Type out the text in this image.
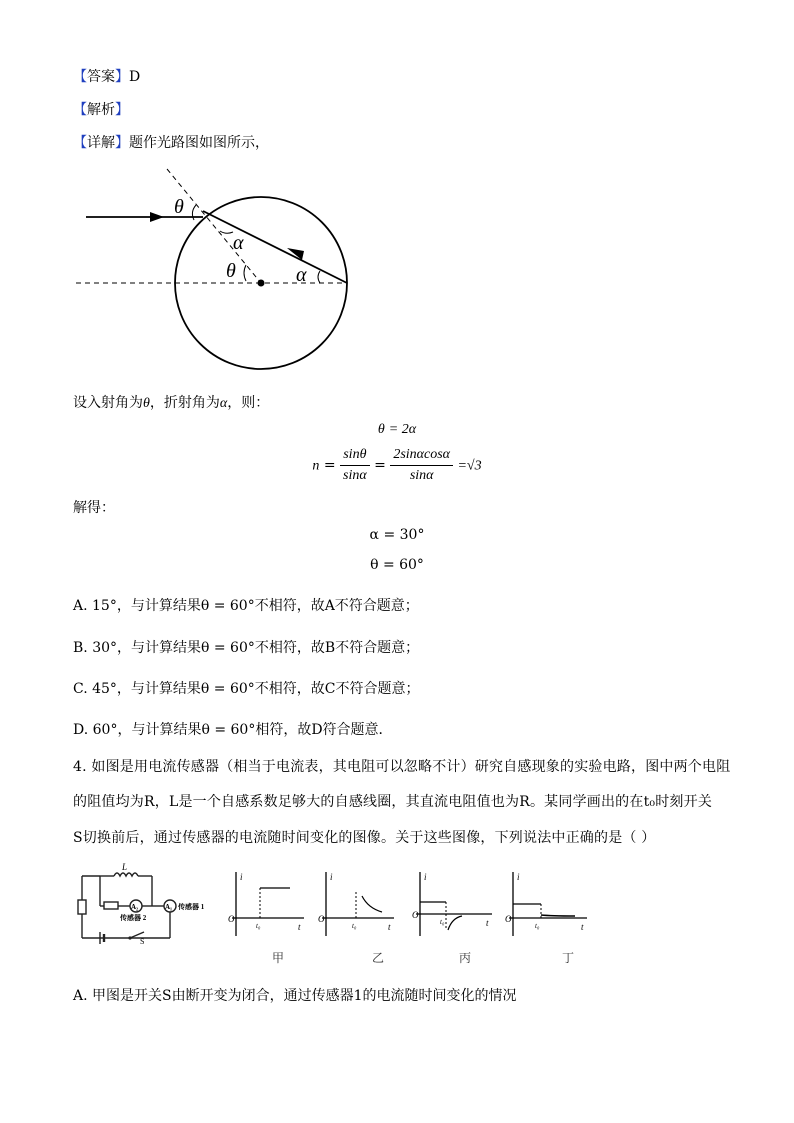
【答案】D
【解析】
【详解】题作光路图如图所示，
θ
α
θ	α
设入射角为θ，折射角为α，则：
θ = 2α
$n = \frac{\sin\theta}{\sin\alpha} = \frac{2\sin\alpha\cos\alpha}{\sin\alpha} =√3$
解得：
α = 30°
θ = 60°
A. 15°，与计算结果θ = 60°不相符，故A不符合题意；
B. 30°，与计算结果θ = 60°不相符，故B不符合题意；
C. 45°，与计算结果θ = 60°不相符，故C不符合题意；
D. 60°，与计算结果θ = 60°相符，故D符合题意．
4. 如图是用电流传感器（相当于电流表，其电阻可以忽略不计）研究自感现象的实验电路，图中两个电阻
的阻值均为R，L是一个自感系数足够大的自感线圈，其直流电阻值也为R。某同学画出的在t₀时刻开关
S切换前后，通过传感器的电流随时间变化的图像。关于这些图像，下列说法中正确的是（ ）
L
A₂
传感器 2
A₁ 传感器 1
S
i
O
t
t₀
i
O
t
t₀
i
O
t
t₀
i
O
t
t₀
甲	乙	丙	丁
A. 甲图是开关S由断开变为闭合，通过传感器1的电流随时间变化的情况
